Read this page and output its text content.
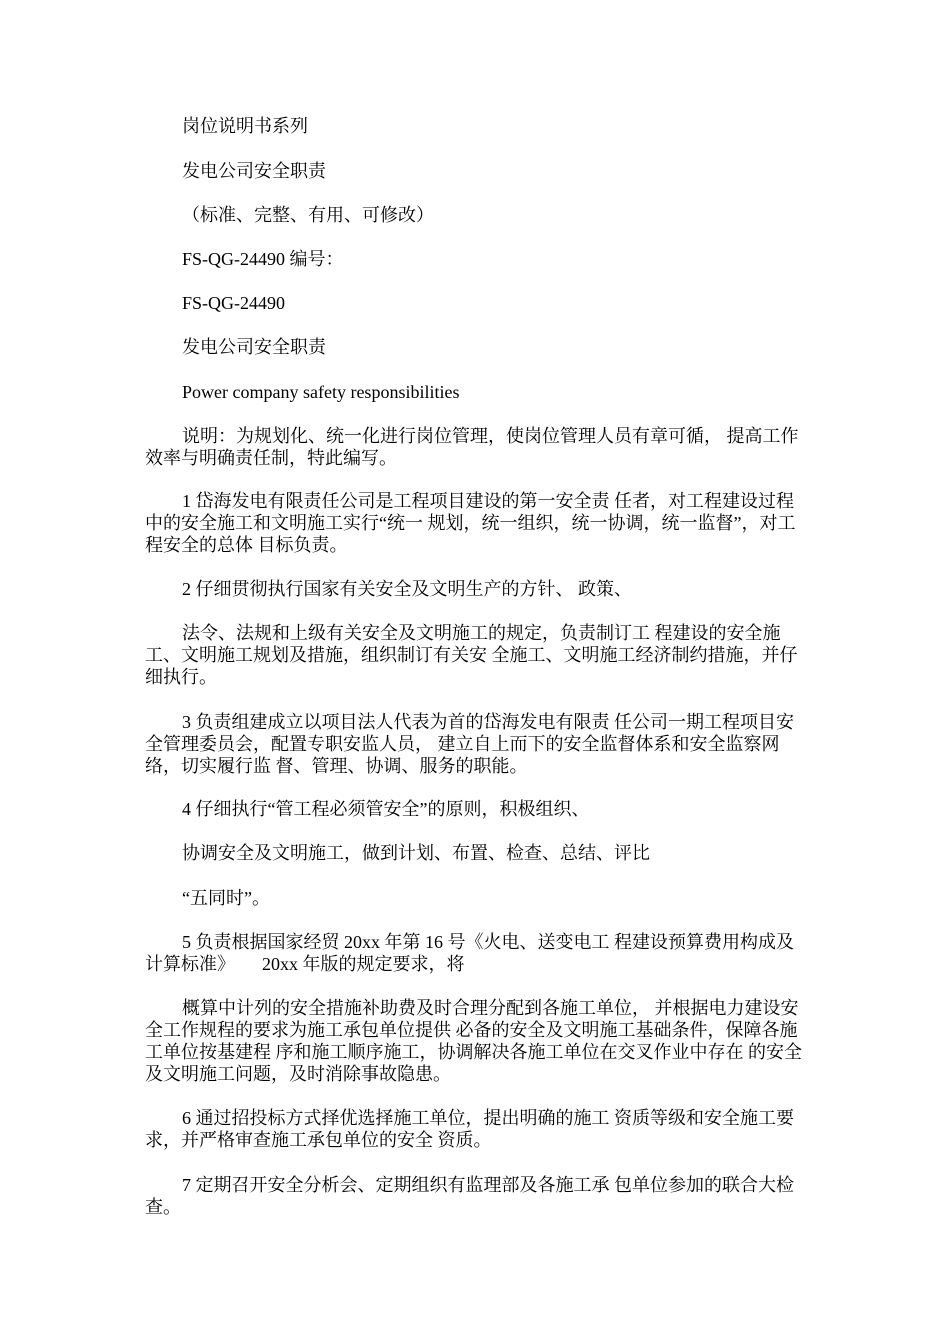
岗位说明书系列

发电公司安全职责

（标准、完整、有用、可修改）

FS-QG-24490 编号：

FS-QG-24490

发电公司安全职责

Power company safety responsibilities

说明：为规划化、统一化进行岗位管理，使岗位管理人员有章可循， 提高工作效率与明确责任制，特此编写。

1 岱海发电有限责任公司是工程项目建设的第一安全责 任者，对工程建设过程中的安全施工和文明施工实行“统一 规划，统一组织，统一协调，统一监督”，对工程安全的总体 目标负责。

2 仔细贯彻执行国家有关安全及文明生产的方针、 政策、

法令、法规和上级有关安全及文明施工的规定，负责制订工 程建设的安全施工、文明施工规划及措施，组织制订有关安 全施工、文明施工经济制约措施，并仔细执行。

3 负责组建成立以项目法人代表为首的岱海发电有限责 任公司一期工程项目安全管理委员会，配置专职安监人员， 建立自上而下的安全监督体系和安全监察网络，切实履行监 督、管理、协调、服务的职能。

4 仔细执行“管工程必须管安全”的原则，积极组织、

协调安全及文明施工，做到计划、布置、检查、总结、评比

“五同时”。

5 负责根据国家经贸 20xx 年第 16 号《火电、送变电工 程建设预算费用构成及计算标准》　　20xx 年版的规定要求，将

概算中计列的安全措施补助费及时合理分配到各施工单位， 并根据电力建设安全工作规程的要求为施工承包单位提供 必备的安全及文明施工基础条件，保障各施工单位按基建程 序和施工顺序施工，协调解决各施工单位在交叉作业中存在 的安全及文明施工问题，及时消除事故隐患。

6 通过招投标方式择优选择施工单位，提出明确的施工 资质等级和安全施工要求，并严格审查施工承包单位的安全 资质。

7 定期召开安全分析会、定期组织有监理部及各施工承 包单位参加的联合大检查。
